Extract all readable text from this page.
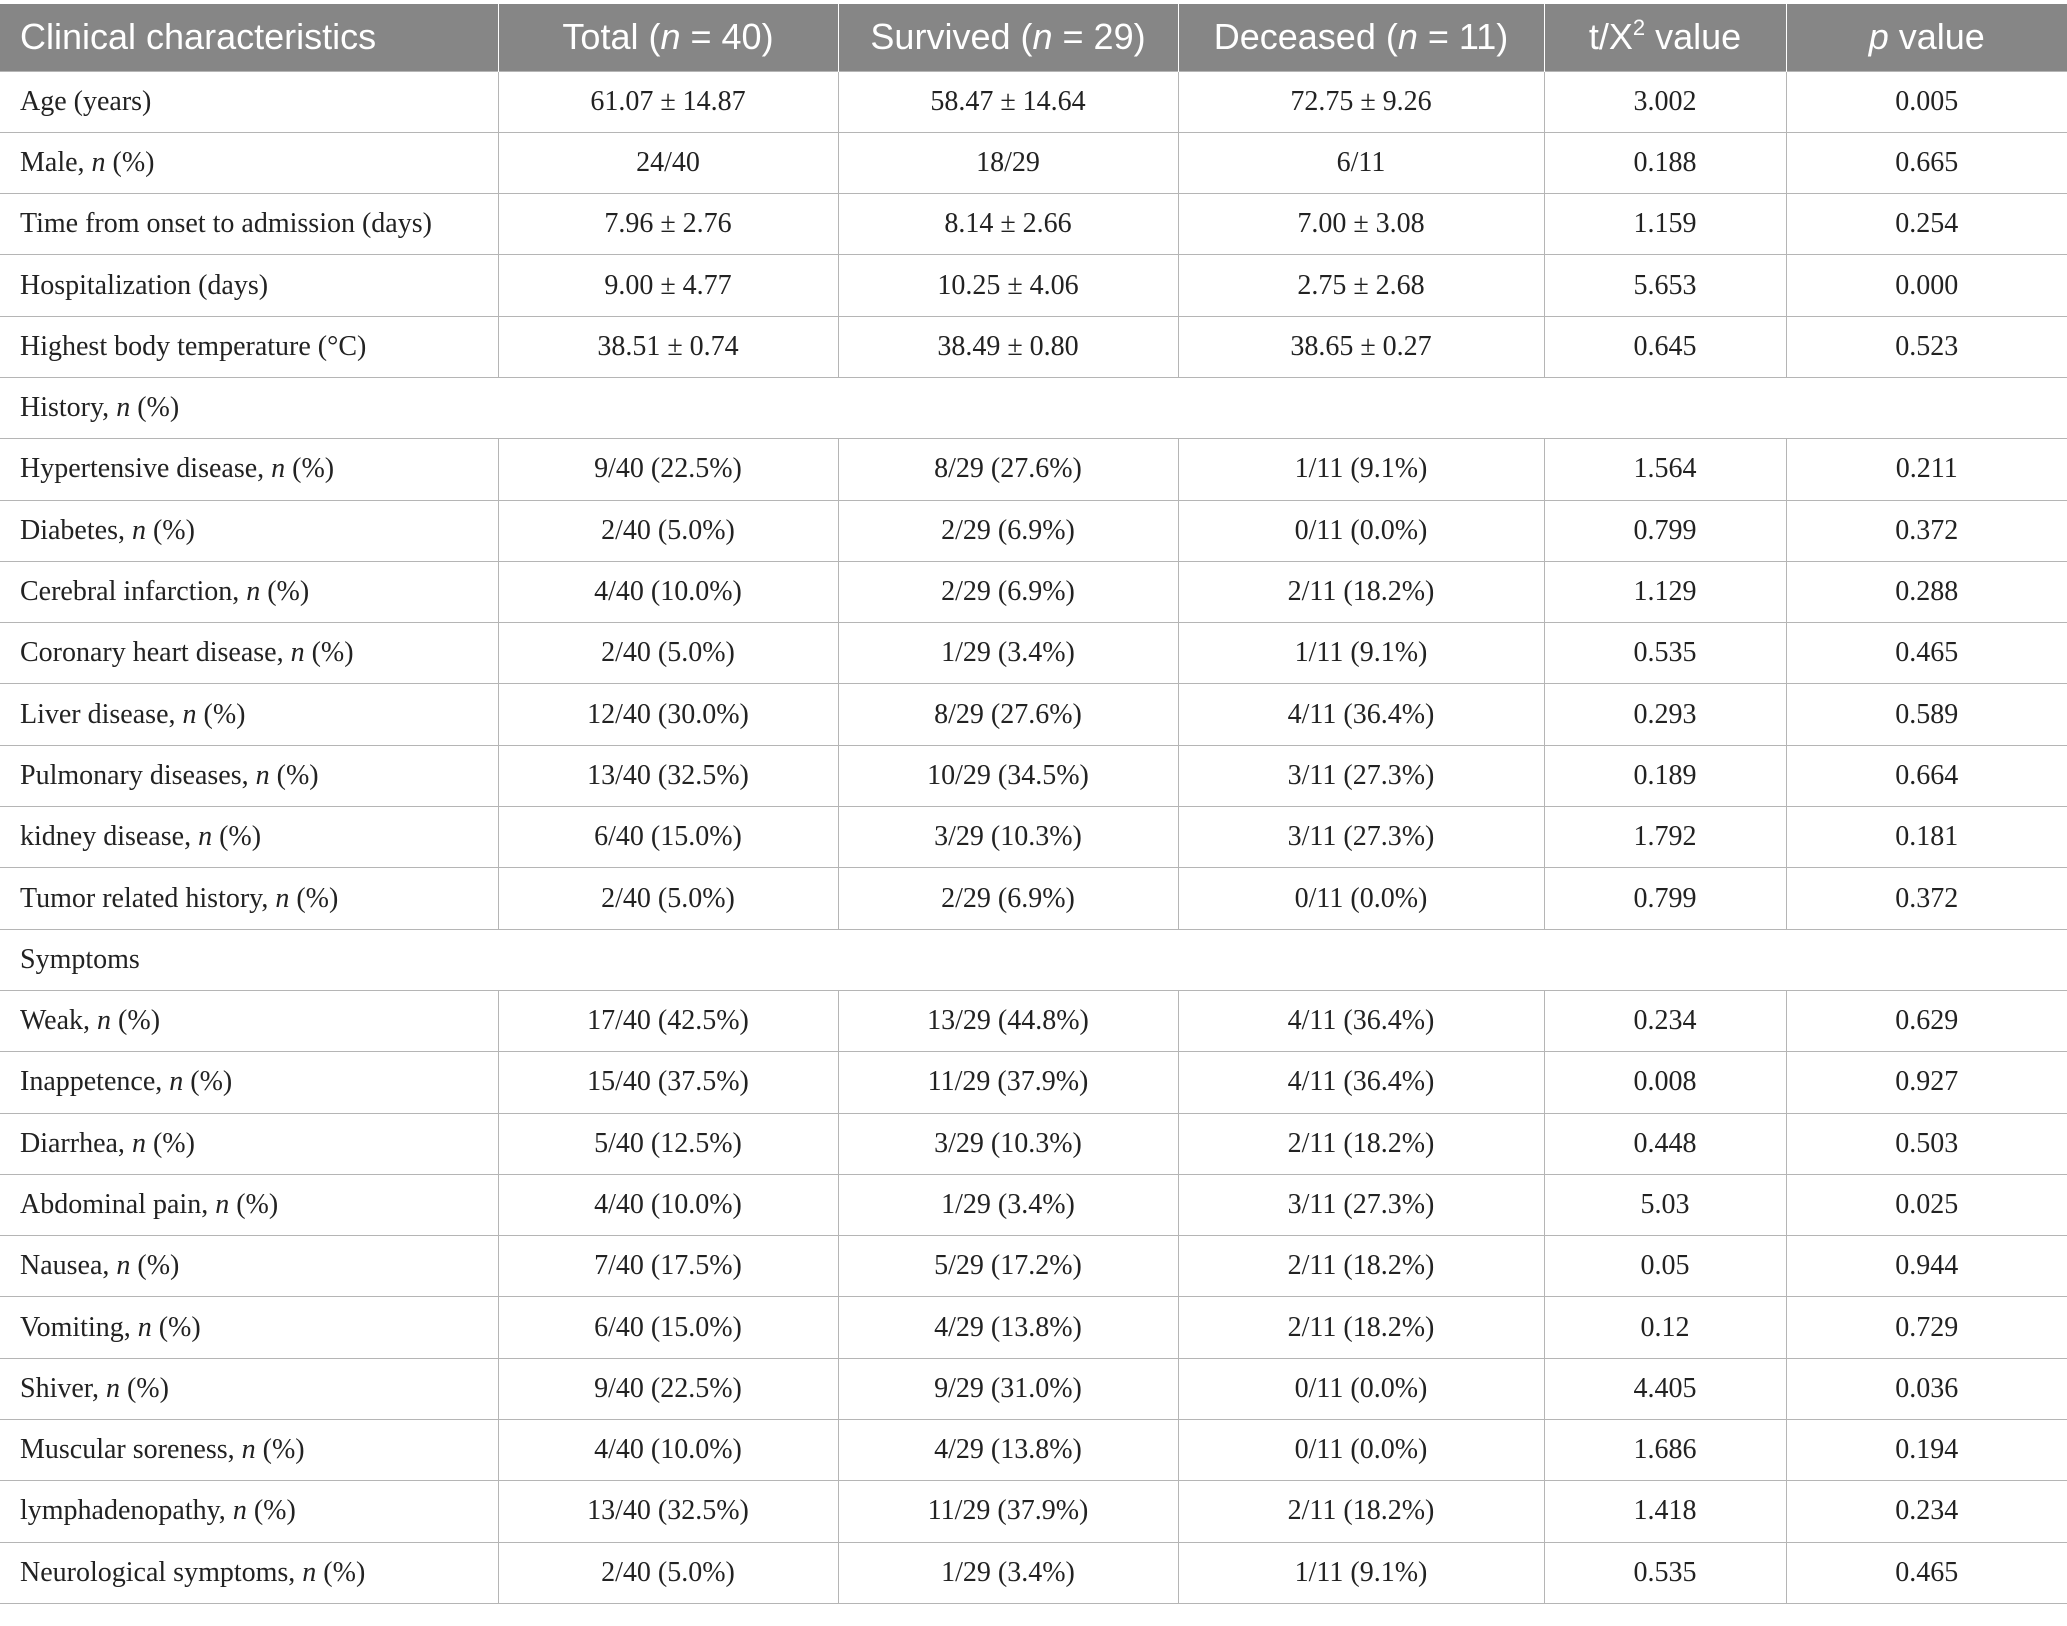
Clinical characteristics	Total (n = 40)	Survived (n = 29)	Deceased (n = 11)	$t/X^2$ value	p value
Age (years)	61.07 ± 14.87	58.47 ± 14.64	72.75 ± 9.26	3.002	0.005
Male, n (%)	24/40	18/29	6/11	0.188	0.665
Time from onset to admission (days)	7.96 ± 2.76	8.14 ± 2.66	7.00 ± 3.08	1.159	0.254
Hospitalization (days)	9.00 ± 4.77	10.25 ± 4.06	2.75 ± 2.68	5.653	0.000
Highest body temperature (°C)	38.51 ± 0.74	38.49 ± 0.80	38.65 ± 0.27	0.645	0.523
History, n (%)					
Hypertensive disease, n (%)	9/40 (22.5%)	8/29 (27.6%)	1/11 (9.1%)	1.564	0.211
Diabetes, n (%)	2/40 (5.0%)	2/29 (6.9%)	0/11 (0.0%)	0.799	0.372
Cerebral infarction, n (%)	4/40 (10.0%)	2/29 (6.9%)	2/11 (18.2%)	1.129	0.288
Coronary heart disease, n (%)	2/40 (5.0%)	1/29 (3.4%)	1/11 (9.1%)	0.535	0.465
Liver disease, n (%)	12/40 (30.0%)	8/29 (27.6%)	4/11 (36.4%)	0.293	0.589
Pulmonary diseases, n (%)	13/40 (32.5%)	10/29 (34.5%)	3/11 (27.3%)	0.189	0.664
kidney disease, n (%)	6/40 (15.0%)	3/29 (10.3%)	3/11 (27.3%)	1.792	0.181
Tumor related history, n (%)	2/40 (5.0%)	2/29 (6.9%)	0/11 (0.0%)	0.799	0.372
Symptoms					
Weak, n (%)	17/40 (42.5%)	13/29 (44.8%)	4/11 (36.4%)	0.234	0.629
Inappetence, n (%)	15/40 (37.5%)	11/29 (37.9%)	4/11 (36.4%)	0.008	0.927
Diarrhea, n (%)	5/40 (12.5%)	3/29 (10.3%)	2/11 (18.2%)	0.448	0.503
Abdominal pain, n (%)	4/40 (10.0%)	1/29 (3.4%)	3/11 (27.3%)	5.03	0.025
Nausea, n (%)	7/40 (17.5%)	5/29 (17.2%)	2/11 (18.2%)	0.05	0.944
Vomiting, n (%)	6/40 (15.0%)	4/29 (13.8%)	2/11 (18.2%)	0.12	0.729
Shiver, n (%)	9/40 (22.5%)	9/29 (31.0%)	0/11 (0.0%)	4.405	0.036
Muscular soreness, n (%)	4/40 (10.0%)	4/29 (13.8%)	0/11 (0.0%)	1.686	0.194
lymphadenopathy, n (%)	13/40 (32.5%)	11/29 (37.9%)	2/11 (18.2%)	1.418	0.234
Neurological symptoms, n (%)	2/40 (5.0%)	1/29 (3.4%)	1/11 (9.1%)	0.535	0.465
